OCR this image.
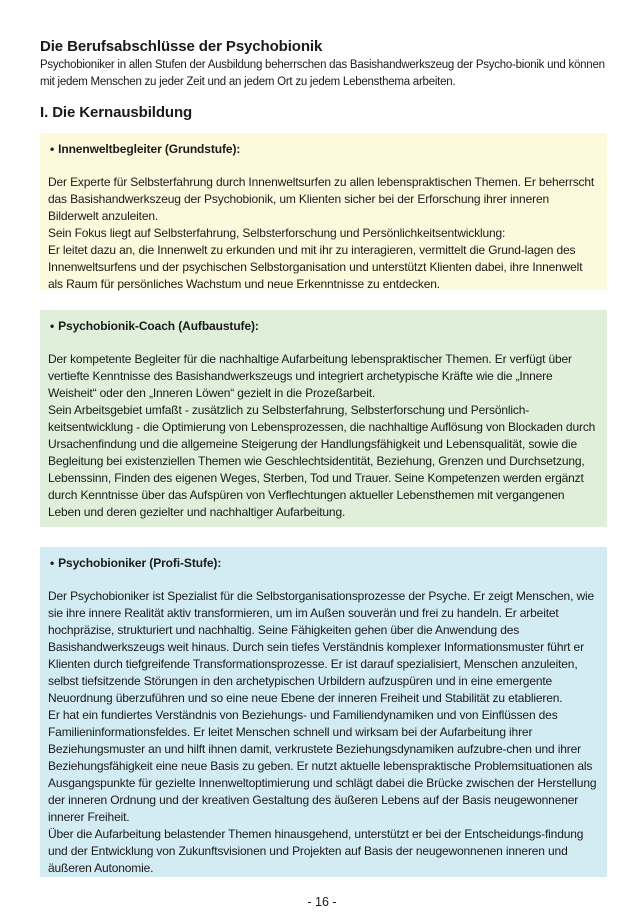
Die Berufsabschlüsse der Psychobionik

Psychobioniker in allen Stufen der Ausbildung beherrschen das Basishandwerkszeug der Psycho-bionik und können mit jedem Menschen zu jeder Zeit und an jedem Ort zu jedem Lebensthema arbeiten.

I. Die Kernausbildung
• Innenweltbegleiter (Grundstufe):

Der Experte für Selbsterfahrung durch Innenweltsurfen zu allen lebenspraktischen Themen. Er beherrscht das Basishandwerkszeug der Psychobionik, um Klienten sicher bei der Erforschung ihrer inneren Bilderwelt anzuleiten.

Sein Fokus liegt auf Selbsterfahrung, Selbsterforschung und Persönlichkeitsentwicklung:

Er leitet dazu an, die Innenwelt zu erkunden und mit ihr zu interagieren, vermittelt die Grund-lagen des Innenweltsurfens und der psychischen Selbstorganisation und unterstützt Klienten dabei, ihre Innenwelt als Raum für persönliches Wachstum und neue Erkenntnisse zu entdecken.

• Psychobionik-Coach (Aufbaustufe):

Der kompetente Begleiter für die nachhaltige Aufarbeitung lebenspraktischer Themen. Er verfügt über vertiefte Kenntnisse des Basishandwerkszeugs und integriert archetypische Kräfte wie die „Innere Weisheit“ oder den „Inneren Löwen“ gezielt in die Prozeßarbeit.

Sein Arbeitsgebiet umfaßt - zusätzlich zu Selbsterfahrung, Selbsterforschung und Persönlich-keitsentwicklung - die Optimierung von Lebensprozessen, die nachhaltige Auflösung von Blockaden durch Ursachenfindung und die allgemeine Steigerung der Handlungsfähigkeit und Lebensqualität, sowie die Begleitung bei existenziellen Themen wie Geschlechtsidentität, Beziehung, Grenzen und Durchsetzung, Lebenssinn, Finden des eigenen Weges, Sterben, Tod und Trauer. Seine Kompetenzen werden ergänzt durch Kenntnisse über das Aufspüren von Verflechtungen aktueller Lebensthemen mit vergangenen Leben und deren gezielter und nachhaltiger Aufarbeitung.

• Psychobioniker (Profi-Stufe):

Der Psychobioniker ist Spezialist für die Selbstorganisationsprozesse der Psyche. Er zeigt Menschen, wie sie ihre innere Realität aktiv transformieren, um im Außen souverän und frei zu handeln. Er arbeitet hochpräzise, strukturiert und nachhaltig. Seine Fähigkeiten gehen über die Anwendung des Basishandwerkszeugs weit hinaus. Durch sein tiefes Verständnis komplexer Informationsmuster führt er Klienten durch tiefgreifende Transformationsprozesse. Er ist darauf spezialisiert, Menschen anzuleiten, selbst tiefsitzende Störungen in den archetypischen Urbildern aufzuspüren und in eine emergente Neuordnung überzuführen und so eine neue Ebene der inneren Freiheit und Stabilität zu etablieren.

Er hat ein fundiertes Verständnis von Beziehungs- und Familiendynamiken und von Einflüssen des Familieninformationsfeldes. Er leitet Menschen schnell und wirksam bei der Aufarbeitung ihrer Beziehungsmuster an und hilft ihnen damit, verkrustete Beziehungsdynamiken aufzubre-chen und ihrer Beziehungsfähigkeit eine neue Basis zu geben. Er nutzt aktuelle lebenspraktische Problemsituationen als Ausgangspunkte für gezielte Innenweltoptimierung und schlägt dabei die Brücke zwischen der Herstellung der inneren Ordnung und der kreativen Gestaltung des äußeren Lebens auf der Basis neugewonnener innerer Freiheit.

Über die Aufarbeitung belastender Themen hinausgehend, unterstützt er bei der Entscheidungs-findung und der Entwicklung von Zukunftsvisionen und Projekten auf Basis der neugewonnenen inneren und äußeren Autonomie.

- 16 -
